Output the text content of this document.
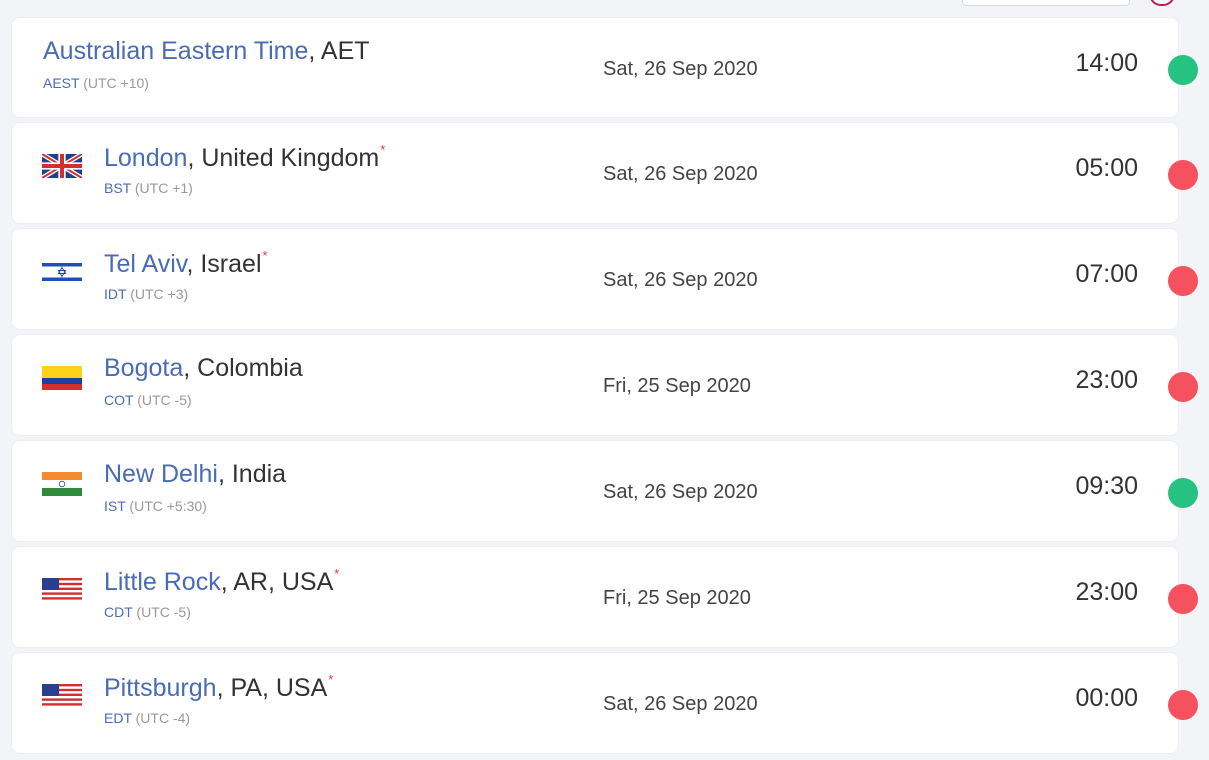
Australian Eastern Time, AET
AEST (UTC +10)
Sat, 26 Sep 2020	14:00
London, United Kingdom*
BST (UTC +1)
Sat, 26 Sep 2020	05:00
Tel Aviv, Israel*
IDT (UTC +3)
Sat, 26 Sep 2020	07:00
Bogota, Colombia
COT (UTC -5)
Fri, 25 Sep 2020	23:00
New Delhi, India
IST (UTC +5:30)
Sat, 26 Sep 2020	09:30
Little Rock, AR, USA*
CDT (UTC -5)
Fri, 25 Sep 2020	23:00
Pittsburgh, PA, USA*
EDT (UTC -4)
Sat, 26 Sep 2020	00:00
